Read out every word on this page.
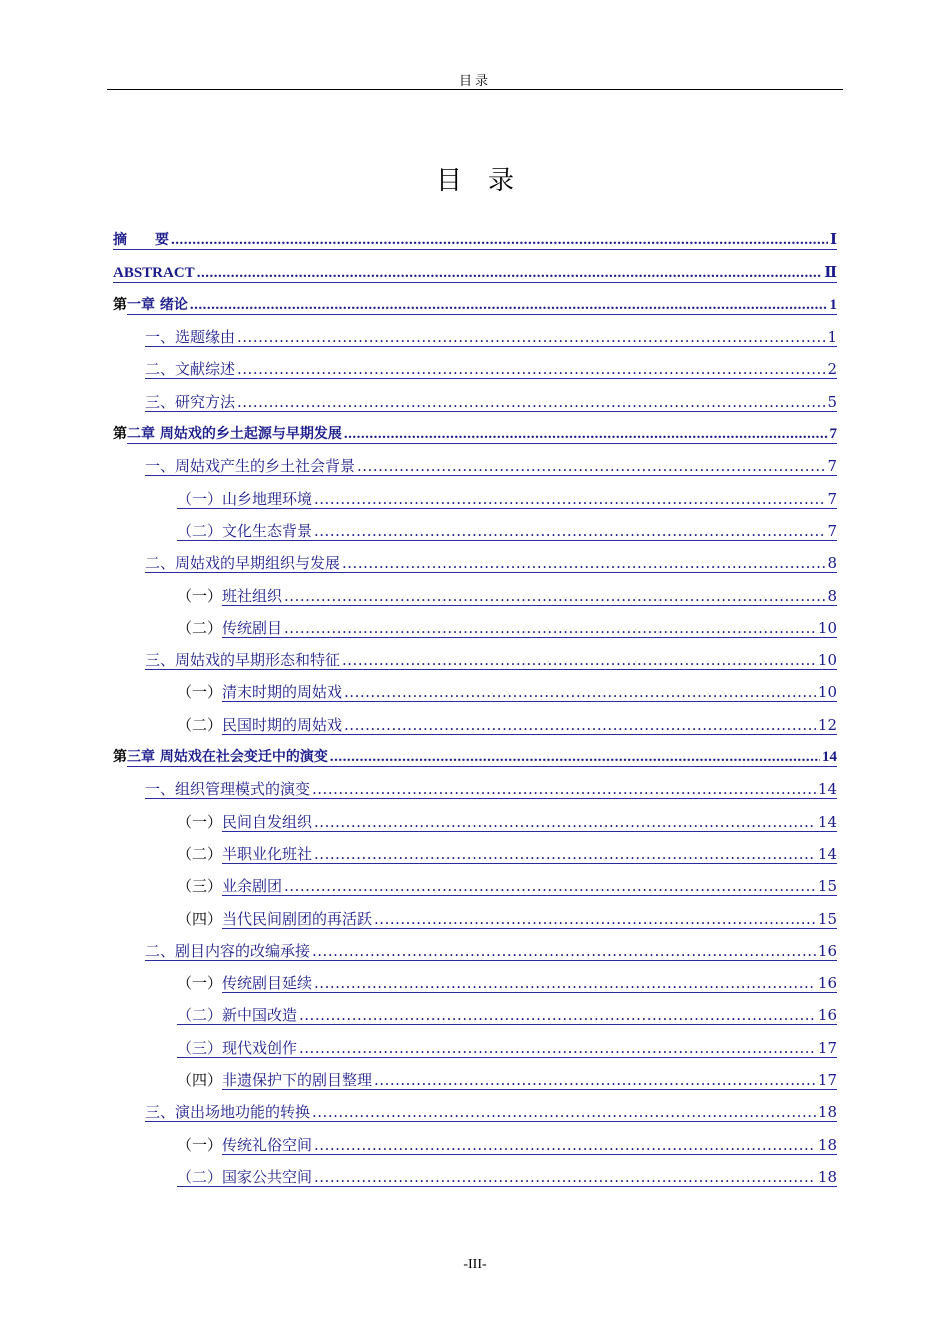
目录
目录
摘　　要 .....	Ⅰ
ABSTRACT .....	Ⅱ
第一章 绪论 .....	1
一、选题缘由 .....	1
二、文献综述 .....	2
三、研究方法 .....	5
第二章 周姑戏的乡土起源与早期发展 .....	7
一、周姑戏产生的乡土社会背景 .....	7
（一）山乡地理环境 .....	7
（二）文化生态背景 .....	7
二、周姑戏的早期组织与发展 .....	8
（一）班社组织 .....	8
（二）传统剧目 .....	10
三、周姑戏的早期形态和特征 .....	10
（一）清末时期的周姑戏 .....	10
（二）民国时期的周姑戏 .....	12
第三章 周姑戏在社会变迁中的演变 .....	14
一、组织管理模式的演变 .....	14
（一）民间自发组织 .....	14
（二）半职业化班社 .....	14
（三）业余剧团 .....	15
（四）当代民间剧团的再活跃 .....	15
二、剧目内容的改编承接 .....	16
（一）传统剧目延续 .....	16
（二）新中国改造 .....	16
（三）现代戏创作 .....	17
（四）非遗保护下的剧目整理 .....	17
三、演出场地功能的转换 .....	18
（一）传统礼俗空间 .....	18
（二）国家公共空间 .....	18
-III-
